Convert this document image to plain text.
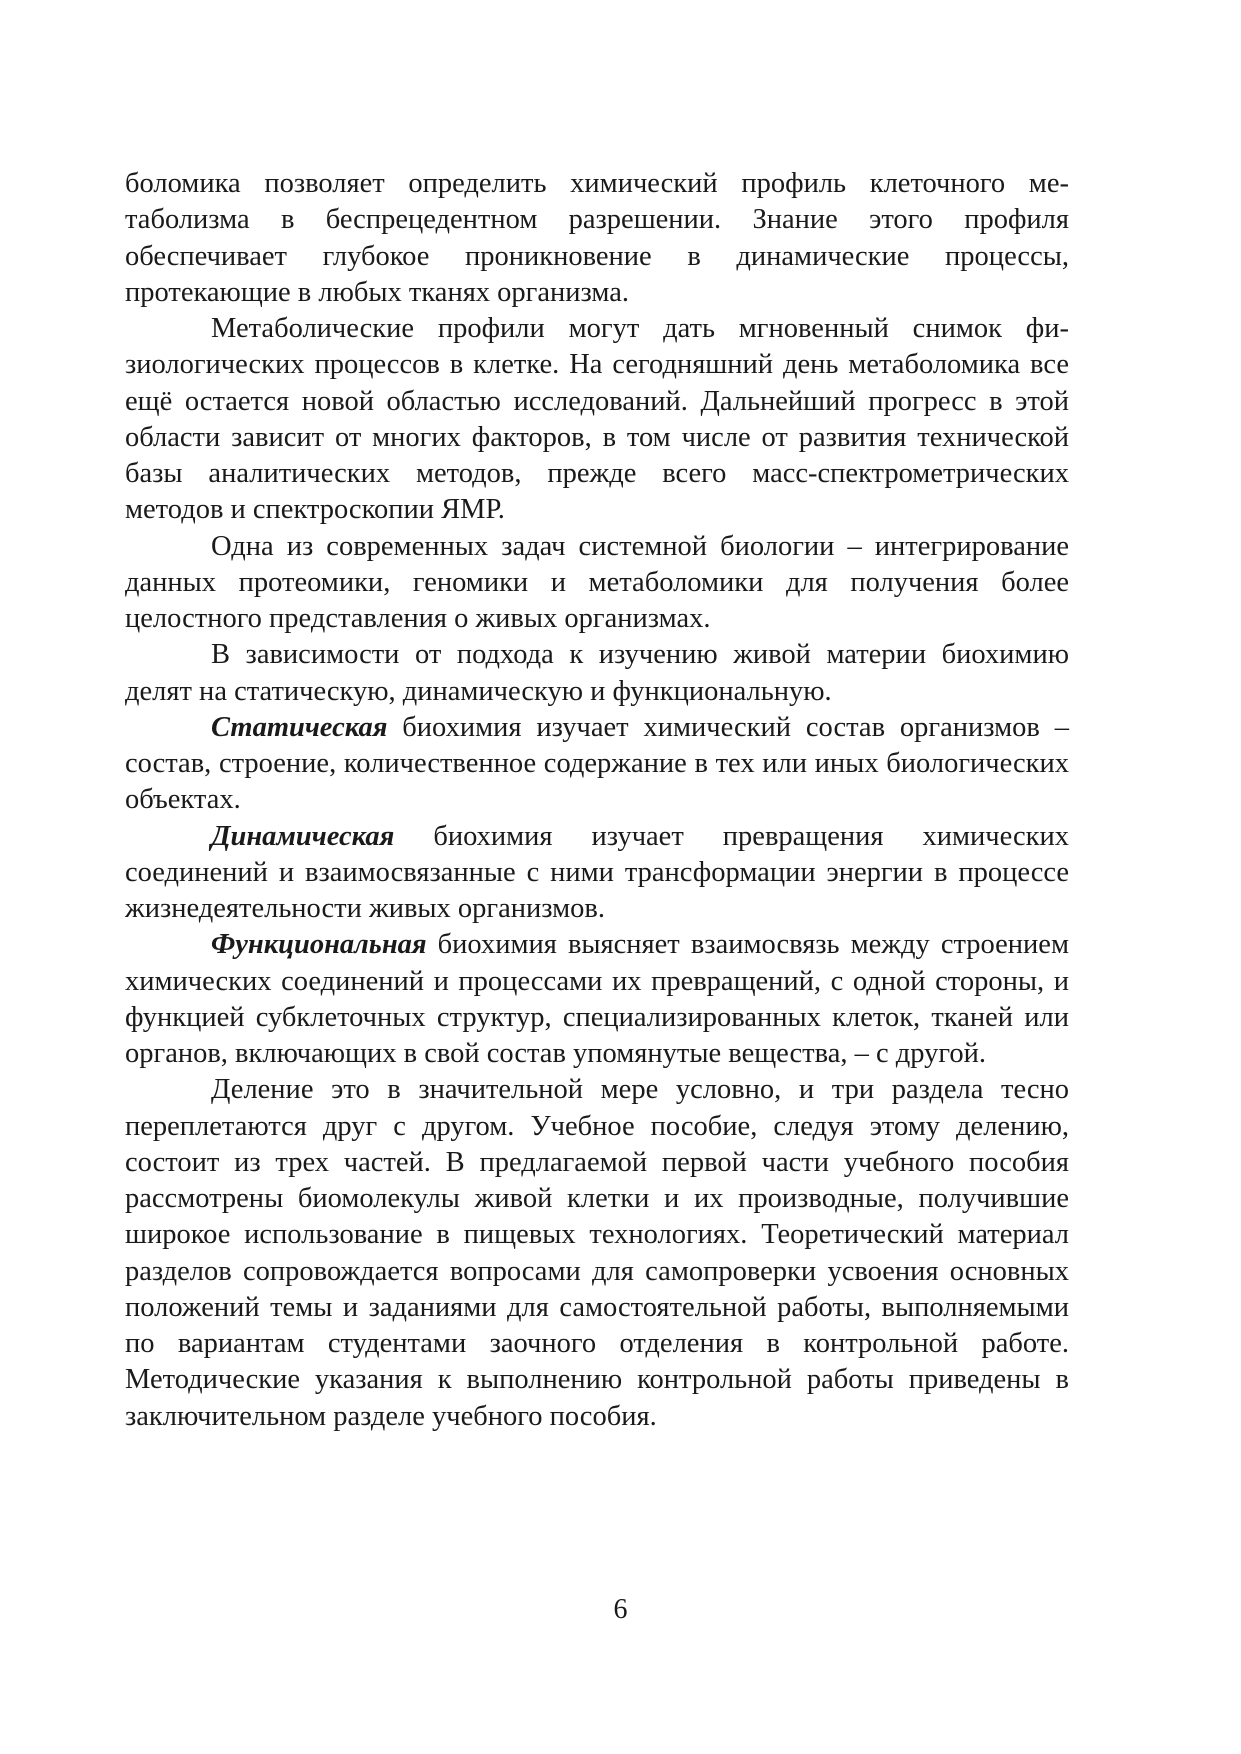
боломика позволяет определить химический профиль клеточного метаболизма в беспрецедентном разрешении. Знание этого профиля обеспечивает глубокое проникновение в динамические процессы, протекающие в любых тканях организма.

Метаболические профили могут дать мгновенный снимок физиологических процессов в клетке. На сегодняшний день метаболомика все ещё остается новой областью исследований. Дальнейший прогресс в этой области зависит от многих факторов, в том числе от развития технической базы аналитических методов, прежде всего масс-спектрометрических методов и спектроскопии ЯМР.

Одна из современных задач системной биологии – интегрирование данных протеомики, геномики и метаболомики для получения более целостного представления о живых организмах.

В зависимости от подхода к изучению живой материи биохимию делят на статическую, динамическую и функциональную.

Статическая биохимия изучает химический состав организмов – состав, строение, количественное содержание в тех или иных биологических объектах.

Динамическая биохимия изучает превращения химических соединений и взаимосвязанные с ними трансформации энергии в процессе жизнедеятельности живых организмов.

Функциональная биохимия выясняет взаимосвязь между строением химических соединений и процессами их превращений, с одной стороны, и функцией субклеточных структур, специализированных клеток, тканей или органов, включающих в свой состав упомянутые вещества, – с другой.

Деление это в значительной мере условно, и три раздела тесно переплетаются друг с другом. Учебное пособие, следуя этому делению, состоит из трех частей. В предлагаемой первой части учебного пособия рассмотрены биомолекулы живой клетки и их производные, получившие широкое использование в пищевых технологиях. Теоретический материал разделов сопровождается вопросами для самопроверки усвоения основных положений темы и заданиями для самостоятельной работы, выполняемыми по вариантам студентами заочного отделения в контрольной работе. Методические указания к выполнению контрольной работы приведены в заключительном разделе учебного пособия.

6
